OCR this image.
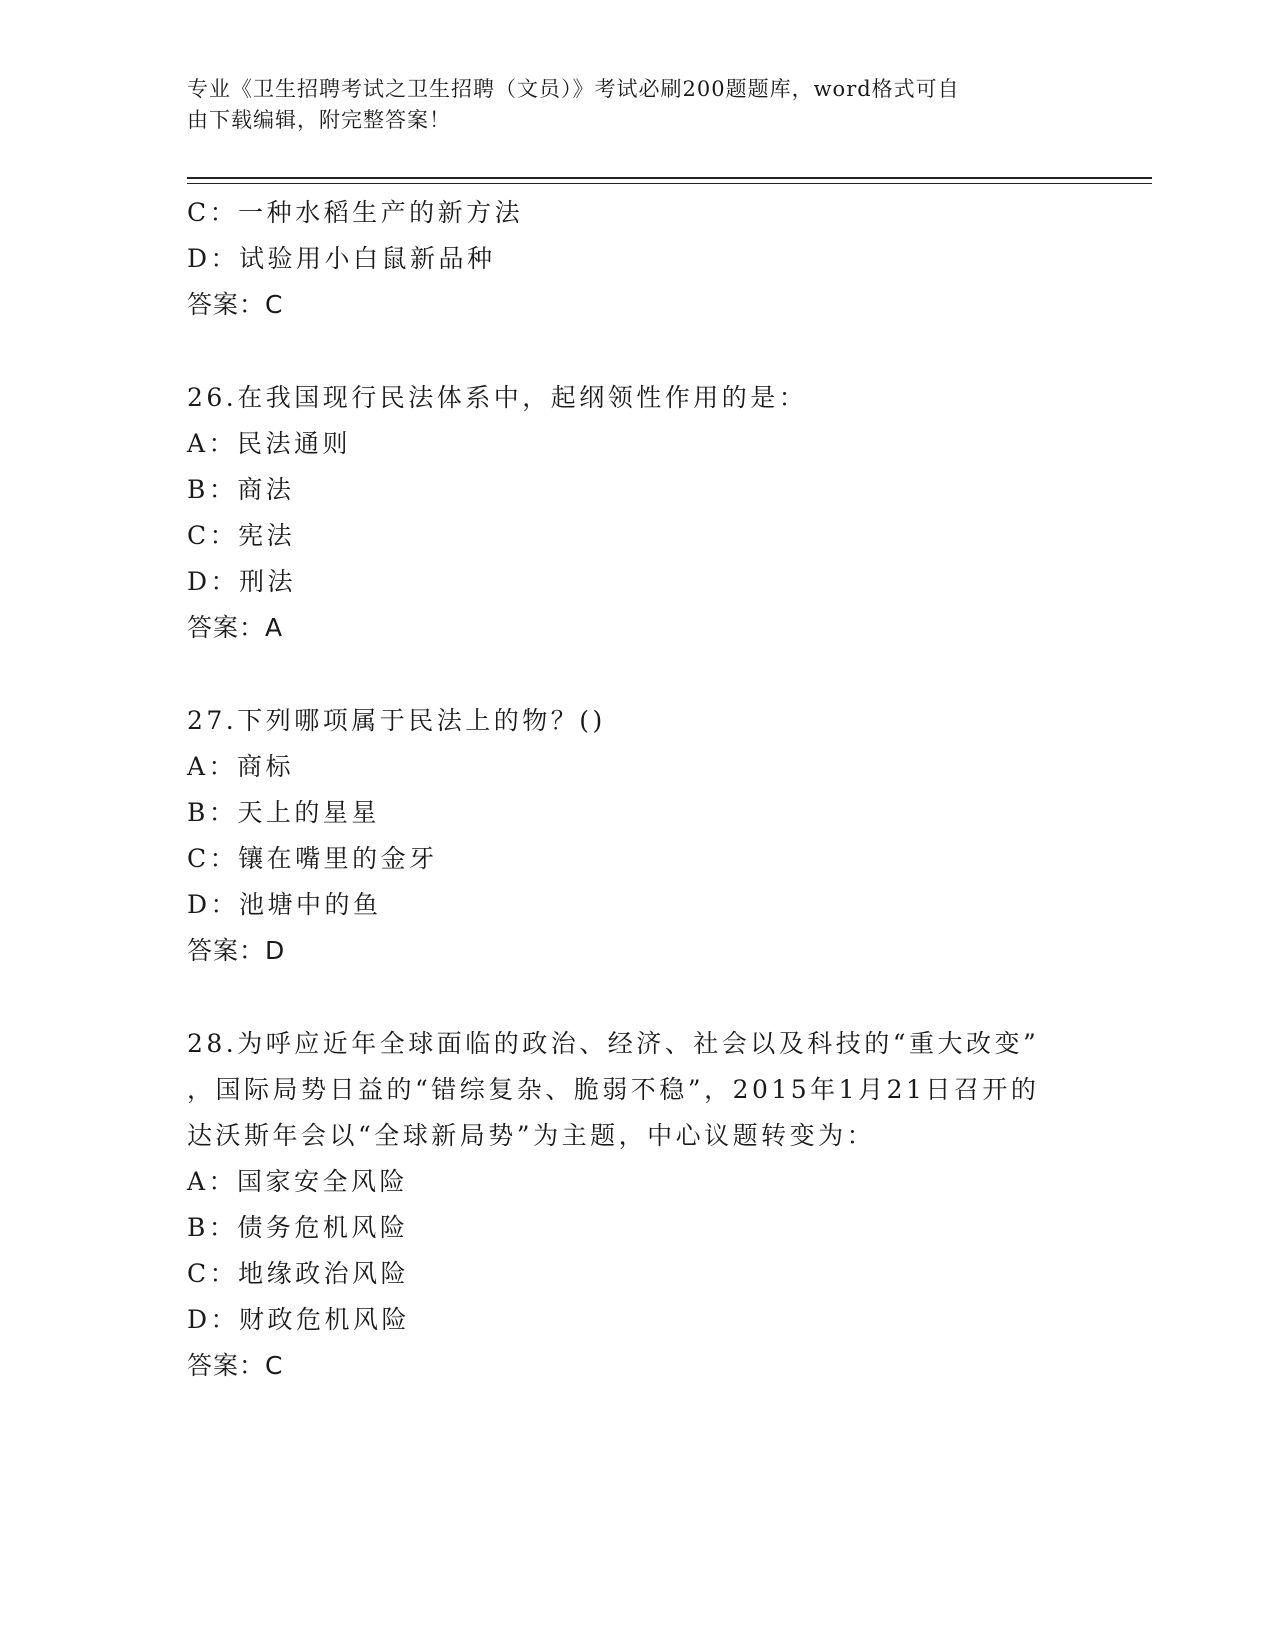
专业《卫生招聘考试之卫生招聘（文员）》考试必刷200题题库，word格式可自
由下载编辑，附完整答案！
C：一种水稻生产的新方法
D：试验用小白鼠新品种
答案：C
26.在我国现行民法体系中，起纲领性作用的是：
A：民法通则
B：商法
C：宪法
D：刑法
答案：A
27.下列哪项属于民法上的物？()
A：商标
B：天上的星星
C：镶在嘴里的金牙
D：池塘中的鱼
答案：D
28.为呼应近年全球面临的政治、经济、社会以及科技的“重大改变”
，国际局势日益的“错综复杂、脆弱不稳”，2015年1月21日召开的
达沃斯年会以“全球新局势”为主题，中心议题转变为：
A：国家安全风险
B：债务危机风险
C：地缘政治风险
D：财政危机风险
答案：C
